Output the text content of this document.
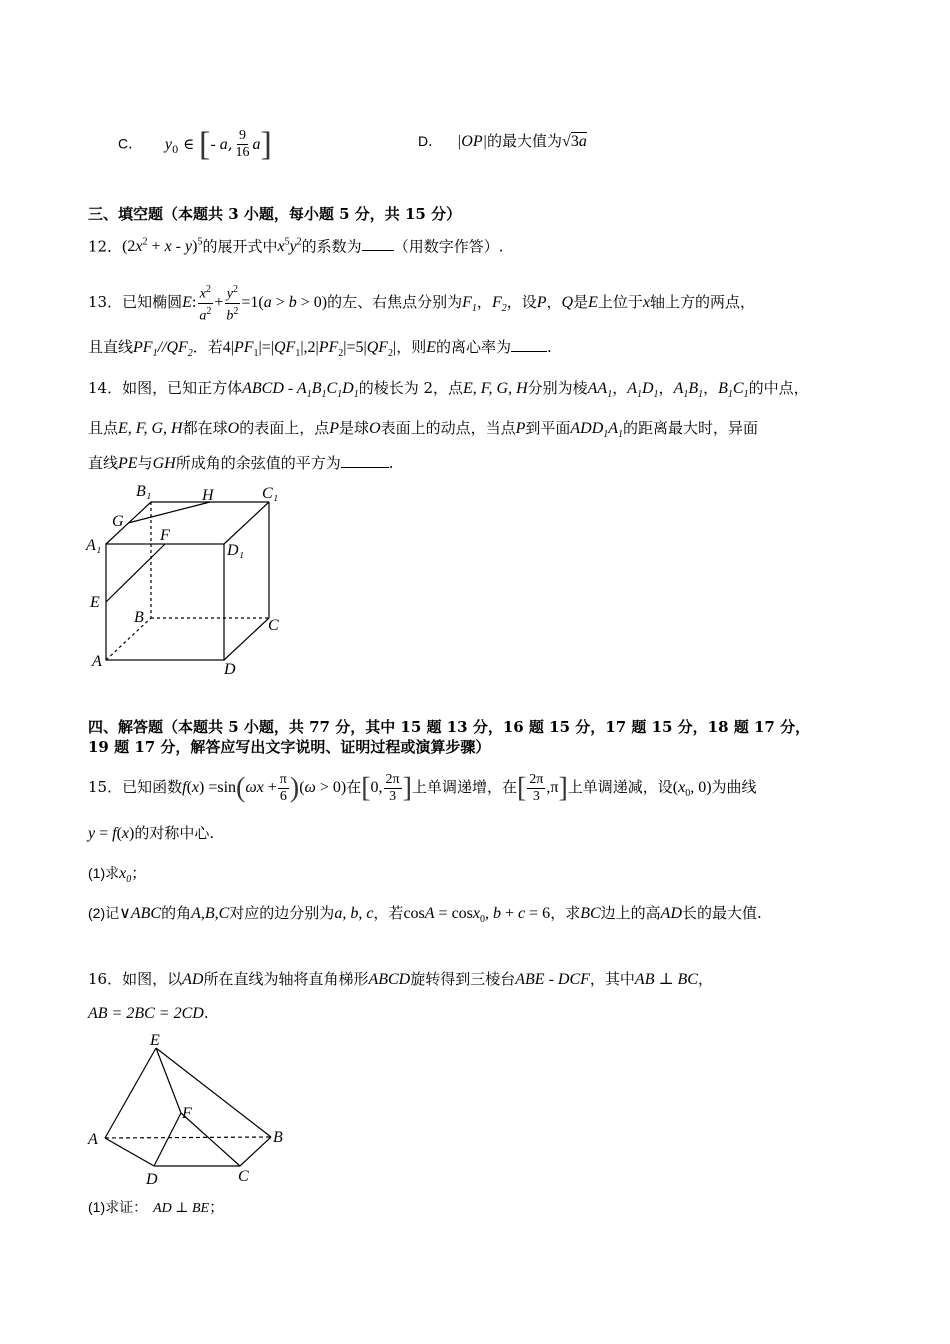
C． $y_0$ ∈ [- a, $\frac{9}{16} a$]	D． |OP|的最大值为√3a
三、填空题（本题共 3 小题，每小题 5 分，共 15 分）
12．$(2x^2 + x - y)^5$的展开式中$x^5y^2$的系数为 （用数字作答）.
13．已知椭圆E: $\frac{x^2}{a^2} + \frac{y^2}{b^2} =1(a > b > 0)$的左、右焦点分别为$F_1$，$F_2$，设P，Q是E上位于x轴上方的两点，
且直线$PF_1//QF_2$．若$4|PF_1|=|QF_1|,2|PF_2|=5|QF_2|$，则E的离心率为 .
14．如图，已知正方体ABCD - $A_1B_1C_1D_1$的棱长为 2，点E, F, G, H分别为棱$AA_1$，$A_1D_1$，$A_1B_1$，$B_1C_1$的中点，
且点E, F, G, H都在球O的表面上，点P是球O表面上的动点，当点P到平面$ADD_1A_1$的距离最大时，异面
直线PE与GH所成角的余弦值的平方为	.
B₁	H	C₁
G
A₁
F
D₁
E
B	C
A	D
四、解答题（本题共 5 小题，共 77 分，其中 15 题 13 分，16 题 15 分，17 题 15 分，18 题 17 分，
19 题 17 分，解答应写出文字说明、证明过程或演算步骤）
15．已知函数$f(x) =\sin(\omega x + \frac{\pi}{6} )(\omega > 0)$在[0, $\frac{2\pi}{3}$ ]上单调递增，在[ $\frac{2\pi}{3} ,\pi$]上单调递减，设($x_0$, 0)为曲线
y = f(x)的对称中心.
(1)求$x_0$；
(2)记∨ABC的角A,B,C对应的边分别为a, b, c，若cosA = cosx$_0$, b + c = 6，求BC边上的高AD长的最大值.
16．如图，以AD所在直线为轴将直角梯形ABCD旋转得到三棱台ABE - DCF，其中AB ⊥ BC，
AB = 2BC = 2CD.
E
F
A	B
D	C
(1)求证： AD ⊥ BE；
